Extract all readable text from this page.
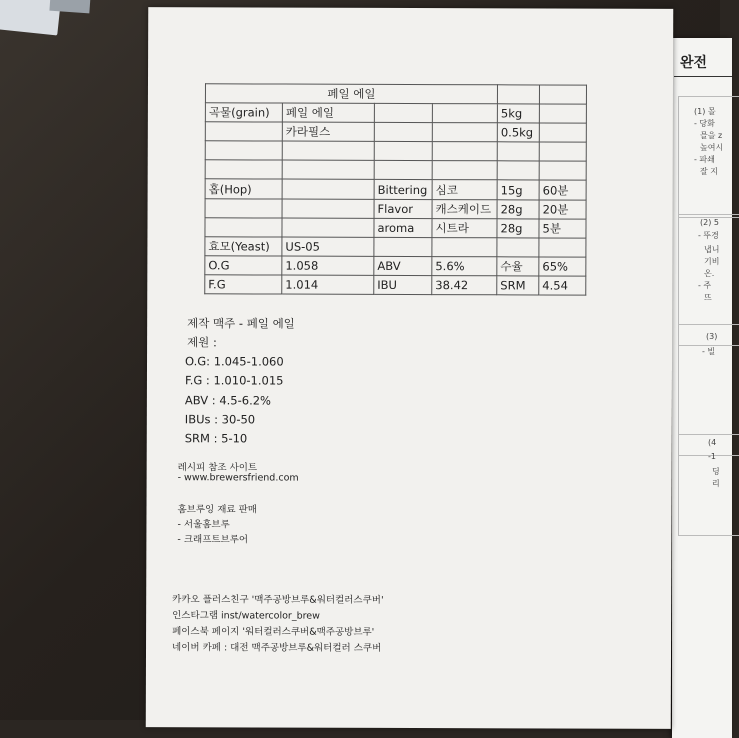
완전
(1) 몰
- 당화
믈을 z
높여시
- 파쇄
잘 지
(2) 5
- 뚜경
냅니
기비
온.
- 주
뜨
(3)
- 빌
(4
-1
딩
리
페일 에일					
곡물(grain)	페일 에일			5kg	
	카라필스			0.5kg	

홉(Hop)		Bittering	심코	15g	60분
		Flavor	캐스케이드	28g	20분
		aroma	시트라	28g	5분
효모(Yeast)	US-05				
O.G	1.058	ABV	5.6%	수율	65%
F.G	1.014	IBU	38.42	SRM	4.54
제작 맥주 - 페일 에일
제원 :
O.G: 1.045-1.060
F.G : 1.010-1.015
ABV : 4.5-6.2%
IBUs : 30-50
SRM : 5-10
레시피 참조 사이트
- www.brewersfriend.com
홈브루잉 재료 판매
- 서울홈브루
- 크래프트브루어
카카오 플러스친구 '맥주공방브루&워터컬러스쿠버'
인스타그램 inst/watercolor_brew
페이스북 페이지 '워터컬러스쿠버&맥주공방브루'
네이버 카페 : 대전 맥주공방브루&워터컬러 스쿠버
